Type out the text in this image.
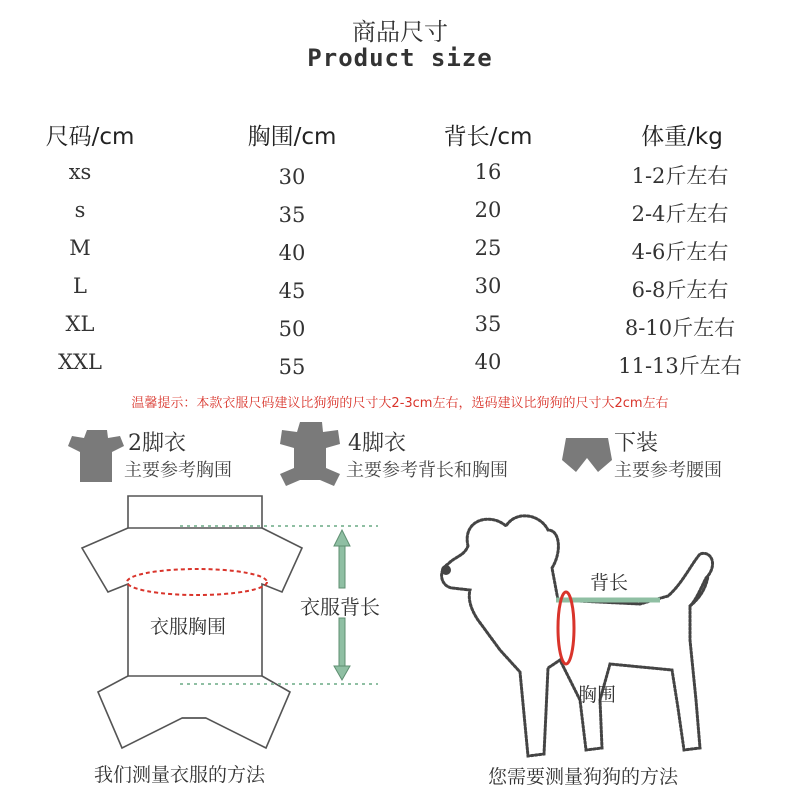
商品尺寸
Product size
尺码/cm	胸围/cm	背长/cm	体重/kg
xs	30	16	1-2斤左右
s	35	20	2-4斤左右
M	40	25	4-6斤左右
L	45	30	6-8斤左右
XL	50	35	8-10斤左右
XXL	55	40	11-13斤左右
温馨提示：本款衣服尺码建议比狗狗的尺寸大2-3cm左右，选码建议比狗狗的尺寸大2cm左右
2脚衣
主要参考胸围
4脚衣
主要参考背长和胸围
下装
主要参考腰围
衣服胸围
衣服背长
我们测量衣服的方法
背长
胸围
您需要测量狗狗的方法
